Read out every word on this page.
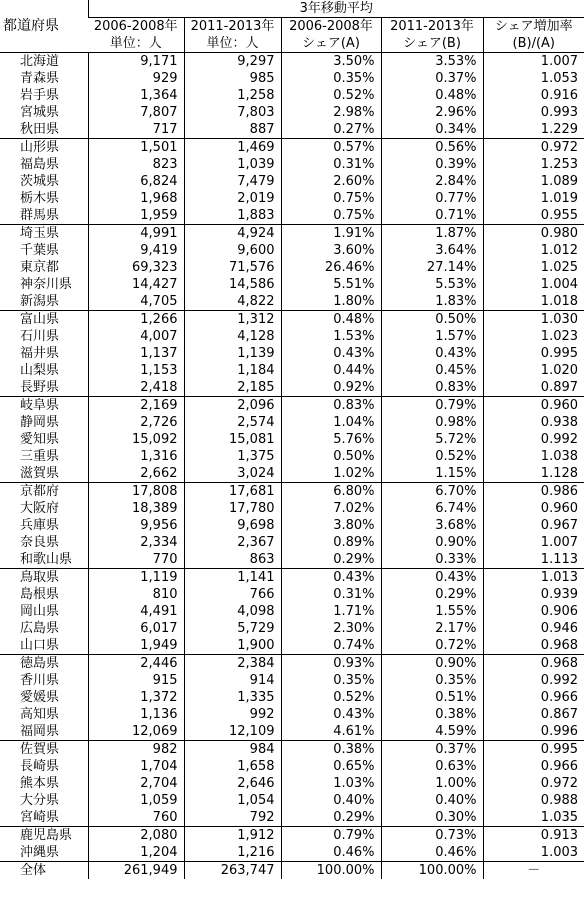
都道府県	3年移動平均				
	2006-2008年	2011-2013年	2006-2008年	2011-2013年	シェア増加率
	単位：人	単位：人	シェア(A)	シェア(B)	(B)/(A)
北海道	9,171	9,297	3.50%	3.53%	1.007
青森県	929	985	0.35%	0.37%	1.053
岩手県	1,364	1,258	0.52%	0.48%	0.916
宮城県	7,807	7,803	2.98%	2.96%	0.993
秋田県	717	887	0.27%	0.34%	1.229
山形県	1,501	1,469	0.57%	0.56%	0.972
福島県	823	1,039	0.31%	0.39%	1.253
茨城県	6,824	7,479	2.60%	2.84%	1.089
栃木県	1,968	2,019	0.75%	0.77%	1.019
群馬県	1,959	1,883	0.75%	0.71%	0.955
埼玉県	4,991	4,924	1.91%	1.87%	0.980
千葉県	9,419	9,600	3.60%	3.64%	1.012
東京都	69,323	71,576	26.46%	27.14%	1.025
神奈川県	14,427	14,586	5.51%	5.53%	1.004
新潟県	4,705	4,822	1.80%	1.83%	1.018
富山県	1,266	1,312	0.48%	0.50%	1.030
石川県	4,007	4,128	1.53%	1.57%	1.023
福井県	1,137	1,139	0.43%	0.43%	0.995
山梨県	1,153	1,184	0.44%	0.45%	1.020
長野県	2,418	2,185	0.92%	0.83%	0.897
岐阜県	2,169	2,096	0.83%	0.79%	0.960
静岡県	2,726	2,574	1.04%	0.98%	0.938
愛知県	15,092	15,081	5.76%	5.72%	0.992
三重県	1,316	1,375	0.50%	0.52%	1.038
滋賀県	2,662	3,024	1.02%	1.15%	1.128
京都府	17,808	17,681	6.80%	6.70%	0.986
大阪府	18,389	17,780	7.02%	6.74%	0.960
兵庫県	9,956	9,698	3.80%	3.68%	0.967
奈良県	2,334	2,367	0.89%	0.90%	1.007
和歌山県	770	863	0.29%	0.33%	1.113
鳥取県	1,119	1,141	0.43%	0.43%	1.013
島根県	810	766	0.31%	0.29%	0.939
岡山県	4,491	4,098	1.71%	1.55%	0.906
広島県	6,017	5,729	2.30%	2.17%	0.946
山口県	1,949	1,900	0.74%	0.72%	0.968
徳島県	2,446	2,384	0.93%	0.90%	0.968
香川県	915	914	0.35%	0.35%	0.992
愛媛県	1,372	1,335	0.52%	0.51%	0.966
高知県	1,136	992	0.43%	0.38%	0.867
福岡県	12,069	12,109	4.61%	4.59%	0.996
佐賀県	982	984	0.38%	0.37%	0.995
長崎県	1,704	1,658	0.65%	0.63%	0.966
熊本県	2,704	2,646	1.03%	1.00%	0.972
大分県	1,059	1,054	0.40%	0.40%	0.988
宮崎県	760	792	0.29%	0.30%	1.035
鹿児島県	2,080	1,912	0.79%	0.73%	0.913
沖縄県	1,204	1,216	0.46%	0.46%	1.003
全体	261,949	263,747	100.00%	100.00%	－
